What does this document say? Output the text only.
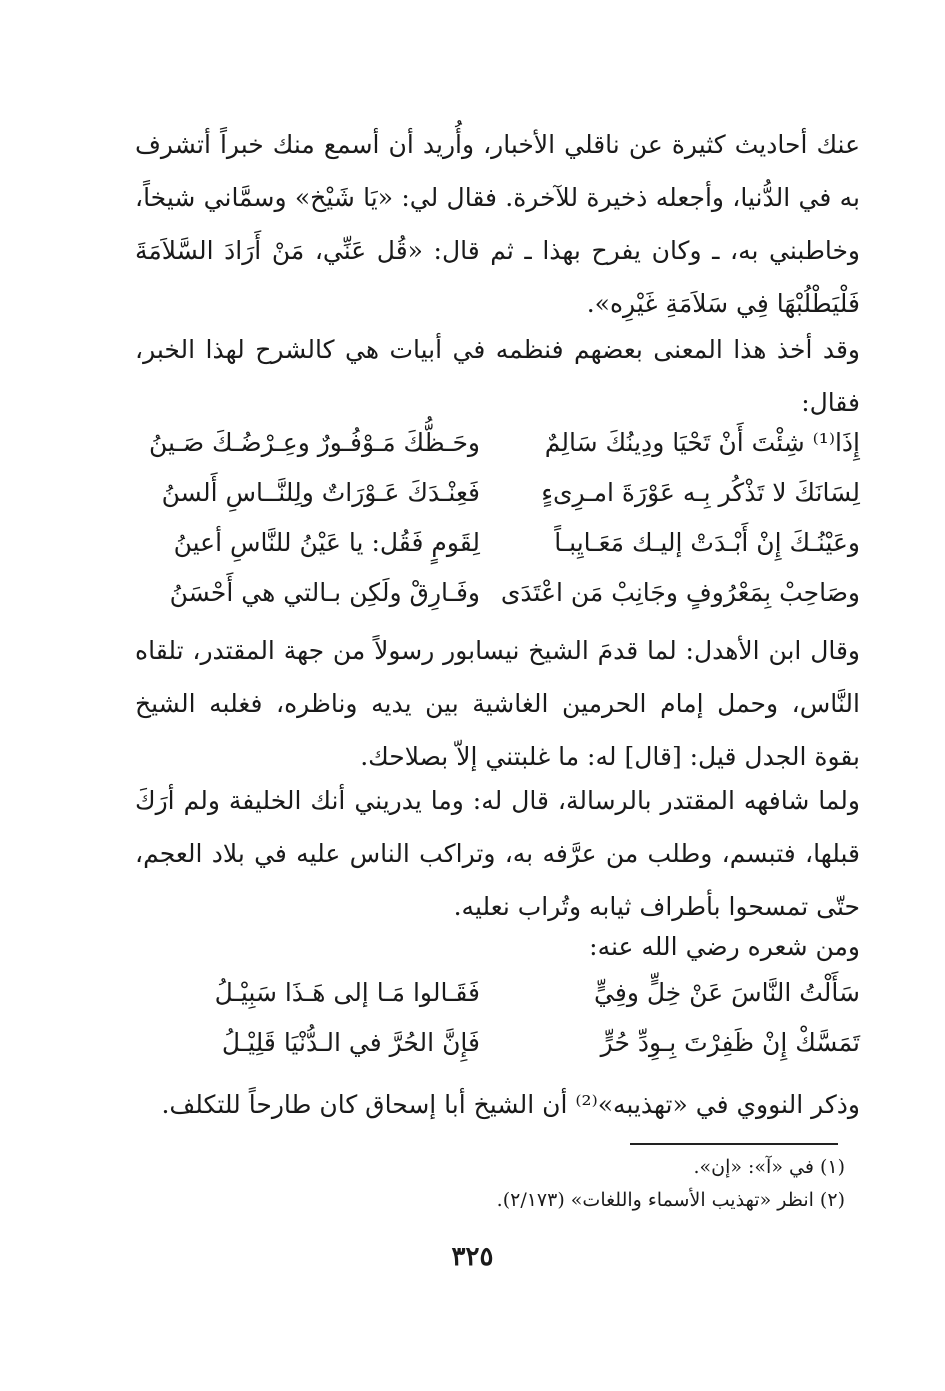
عنك أحاديث كثيرة عن ناقلي الأخبار، وأُريد أن أسمع منك خبراً أتشرف به في الدُّنيا، وأجعله ذخيرة للآخرة. فقال لي: «يَا شَيْخ» وسمَّاني شيخاً، وخاطبني به، ـ وكان يفرح بهذا ـ ثم قال: «قُل عَنِّي، مَنْ أَرَادَ السَّلاَمَةَ فَلْيَطْلُبْهَا فِي سَلاَمَةِ غَيْرِه».

وقد أخذ هذا المعنى بعضهم فنظمه في أبيات هي كالشرح لهذا الخبر، فقال:

إِذَا⁽¹⁾ شِئْتَ أَنْ تَحْيَا ودِينُكَ سَالِمٌ
وحَـظُّكَ مَـوْفُـورٌ وعِـرْضُـكَ صَـينُ
لِسَانَكَ لا تَذْكُر بِـه عَوْرَةَ امـرِىءٍ
فَعِنْـدَكَ عَـوْرَاتٌ ولِلنَّــاسِ أَلسنُ
وعَيْنُـكَ إِنْ أَبْـدَتْ إليـك مَعَـايِبـاً
لِقَومٍ فَقُل: يا عَيْنُ للنَّاسِ أعينُ
وصَاحِبْ بِمَعْرُوفٍ وجَانِبْ مَن اعْتَدَى
وفَـارِقْ ولَكِن بـالتي هي أَحْسَنُ

وقال ابن الأهدل: لما قدمَ الشيخ نيسابور رسولاً من جهة المقتدر، تلقاه النَّاس، وحمل إمام الحرمين الغاشية بين يديه وناظره، فغلبه الشيخ بقوة الجدل قيل: [قال] له: ما غلبتني إلاّ بصلاحك.

ولما شافهه المقتدر بالرسالة، قال له: وما يدريني أنك الخليفة ولم أرَكَ قبلها، فتبسم، وطلب من عرَّفه به، وتراكب الناس عليه في بلاد العجم، حتّى تمسحوا بأطراف ثيابه وتُراب نعليه.

ومن شعره رضي الله عنه:

سَأَلْتُ النَّاسَ عَنْ خِلٍّ وفِيٍّ
فَقَـالوا مَـا إلى هَـذَا سَبِيْـلُ
تَمَسَّكْ إِنْ ظَفِرْتَ بِـوِدِّ حُرٍّ
فَإِنَّ الحُرَّ في الـدُّنْيَا قَلِيْـلُ

وذكر النووي في «تهذيبه»⁽²⁾ أن الشيخ أبا إسحاق كان طارحاً للتكلف.

(١) في «آ»: «إن».
(٢) انظر «تهذيب الأسماء واللغات» (٢/١٧٣).
٣٢٥
